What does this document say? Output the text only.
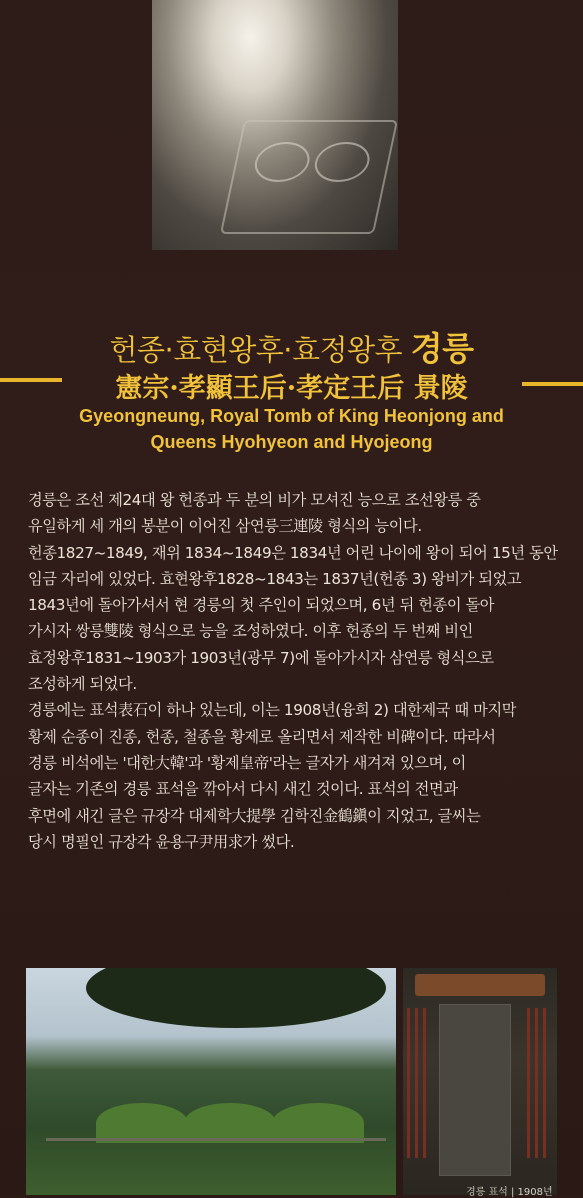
헌종·효현왕후·효정왕후 경릉
憲宗·孝顯王后·孝定王后 景陵
Gyeongneung, Royal Tomb of King Heonjong and
Queens Hyohyeon and Hyojeong

경릉은 조선 제24대 왕 헌종과 두 분의 비가 모셔진 능으로 조선왕릉 중

유일하게 세 개의 봉분이 이어진 삼연릉三連陵 형식의 능이다.

헌종1827~1849, 재위 1834~1849은 1834년 어린 나이에 왕이 되어 15년 동안

임금 자리에 있었다. 효현왕후1828~1843는 1837년(헌종 3) 왕비가 되었고

1843년에 돌아가셔서 현 경릉의 첫 주인이 되었으며, 6년 뒤 헌종이 돌아

가시자 쌍릉雙陵 형식으로 능을 조성하였다. 이후 헌종의 두 번째 비인

효정왕후1831~1903가 1903년(광무 7)에 돌아가시자 삼연릉 형식으로

조성하게 되었다.

경릉에는 표석表石이 하나 있는데, 이는 1908년(융희 2) 대한제국 때 마지막

황제 순종이 진종, 헌종, 철종을 황제로 올리면서 제작한 비碑이다. 따라서

경릉 비석에는 '대한大韓'과 '황제皇帝'라는 글자가 새겨져 있으며, 이

글자는 기존의 경릉 표석을 깎아서 다시 새긴 것이다. 표석의 전면과

후면에 새긴 글은 규장각 대제학大提學 김학진金鶴鎭이 지었고, 글씨는

당시 명필인 규장각 윤용구尹用求가 썼다.

경릉 표석 | 1908년
